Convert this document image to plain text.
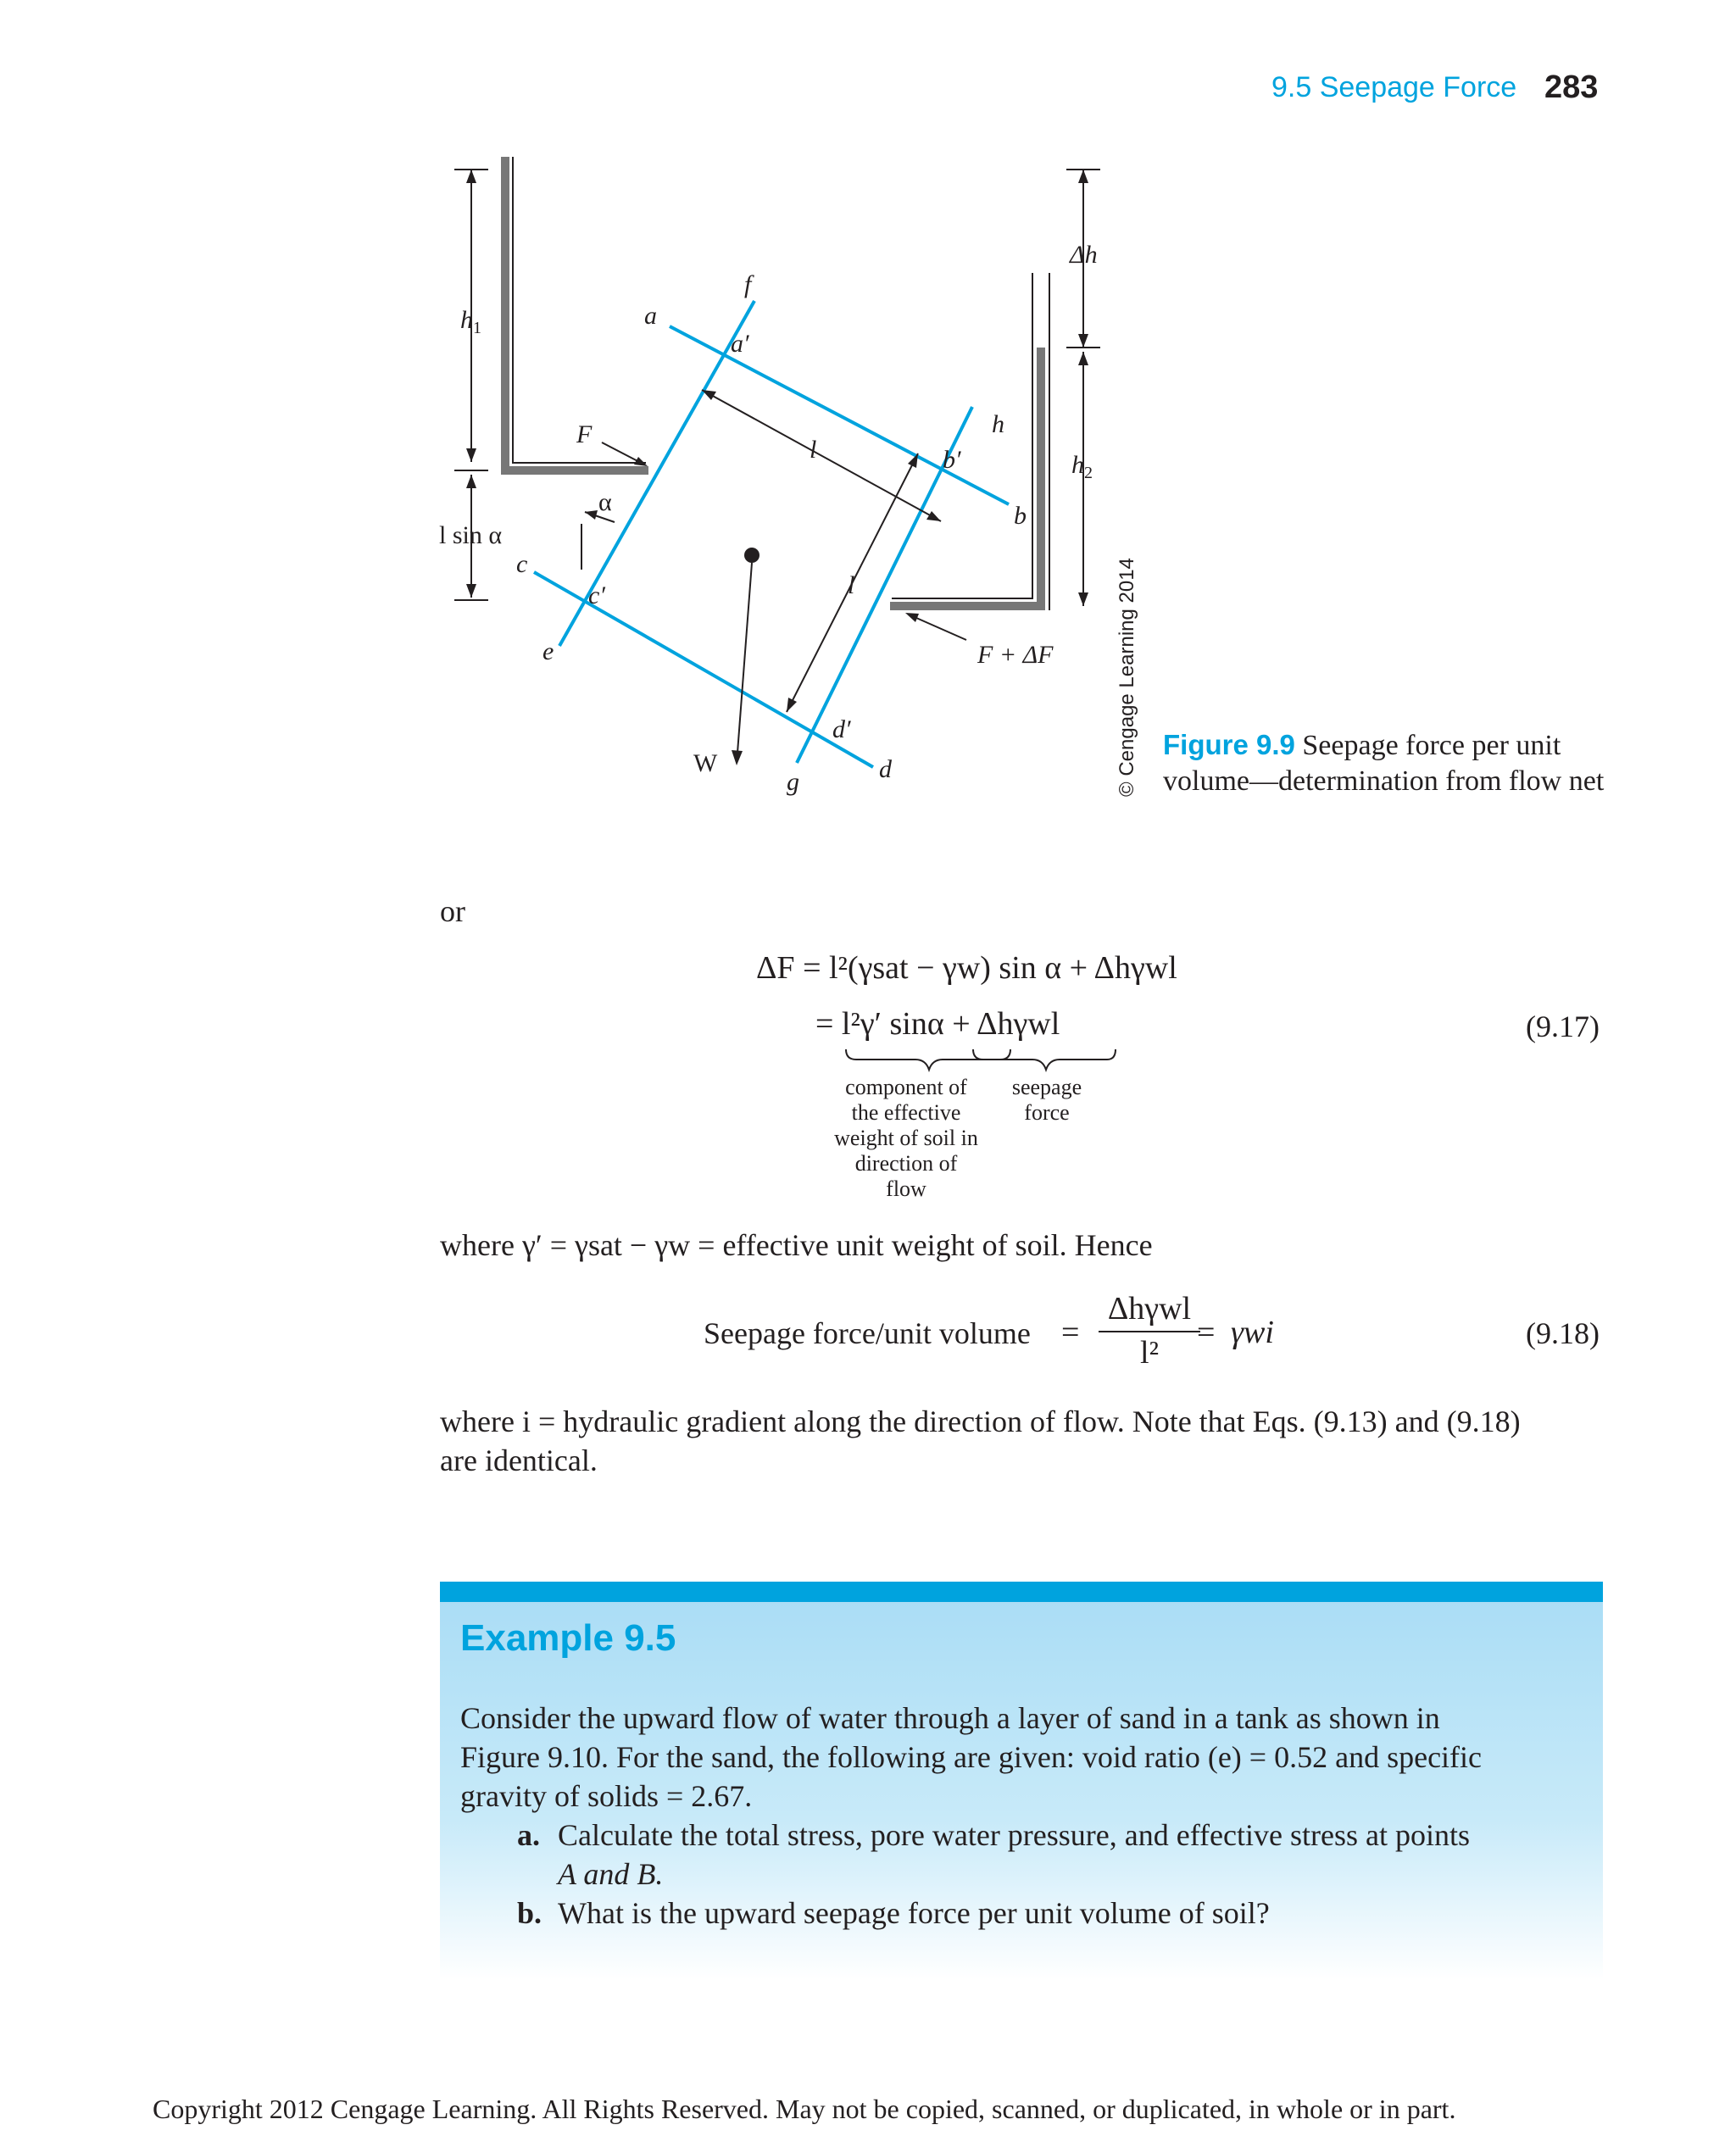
9.5 Seepage Force 283
$h_1$
l sin α
α
F
F + ΔF
W
Δh
$h_2$
h
l
l
a
a′
f
b
b′
c
c′
e
d′
d
g	© Cengage Learning 2014 Figure 9.9 Seepage force per unit volume—determination from flow net
or
ΔF = l²(γsat − γw) sin α + Δhγwl
= l²γ′ sinα + Δhγwl	(9.17)
component of the effective weight of soil in direction of flow
seepage force
where γ′ = γsat − γw = effective unit weight of soil. Hence
Seepage force/unit volume =
Δhγwl
l²
= γwi	(9.18)
where i = hydraulic gradient along the direction of flow. Note that Eqs. (9.13) and (9.18)
are identical.
Example 9.5
Consider the upward flow of water through a layer of sand in a tank as shown in
Figure 9.10. For the sand, the following are given: void ratio (e) = 0.52 and specific
gravity of solids = 2.67.
a. Calculate the total stress, pore water pressure, and effective stress at points
A and B.
b. What is the upward seepage force per unit volume of soil?
Copyright 2012 Cengage Learning. All Rights Reserved. May not be copied, scanned, or duplicated, in whole or in part.
